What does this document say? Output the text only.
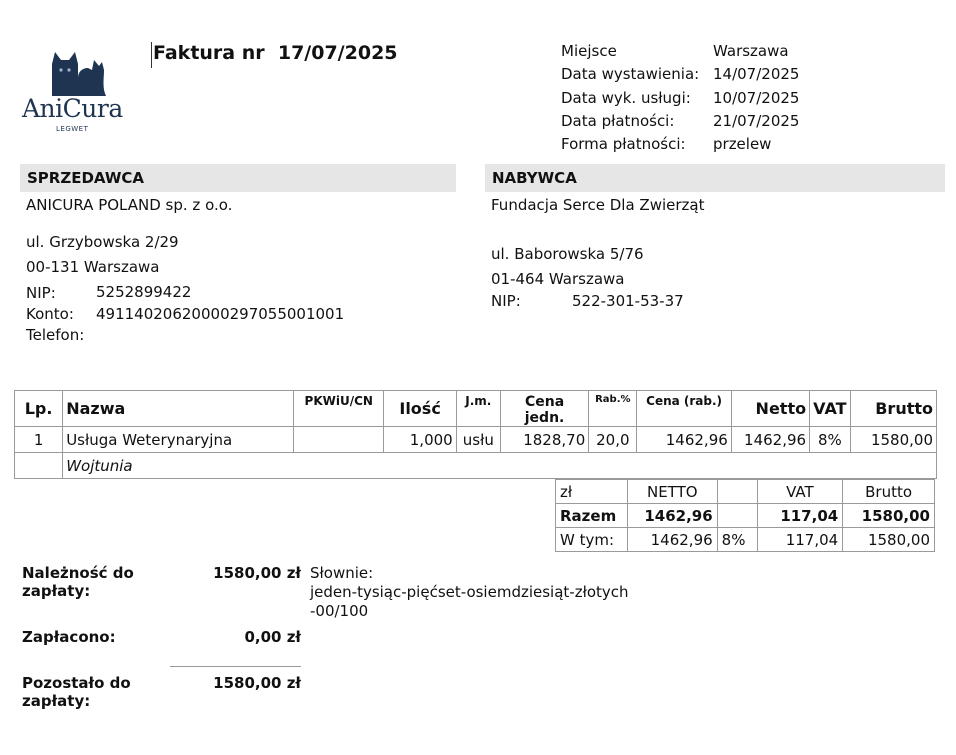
AniCura
LEGWET
Faktura nr  17/07/2025	Miejsce	Warszawa
Data wystawienia: 14/07/2025
Data wyk. usługi: 10/07/2025
Data płatności:	21/07/2025
Forma płatności: przelew
SPRZEDAWCA
ANICURA POLAND sp. z o.o.
ul. Grzybowska 2/29
00-131 Warszawa
NIP:	5252899422
Konto: 49114020620000297055001001
Telefon:
NABYWCA
Fundacja Serce Dla Zwierząt
ul. Baborowska 5/76
01-464 Warszawa
NIP:	522-301-53-37
Lp.	Nazwa	PKWiU/CN	Ilość	J.m.	Cena jedn.	Rab.%	Cena (rab.)	Netto	VAT	Brutto
1	Usługa Weterynaryjna		1,000	usłu	1828,70	20,0	1462,96	1462,96	8%	1580,00
	Wojtunia									
zł	NETTO		VAT	Brutto
Razem	1462,96		117,04	1580,00
W tym:	1462,96	8%	117,04	1580,00
Należność do zapłaty:
1580,00 zł Słownie:
jeden-tysiąc-pięćset-osiemdziesiąt-złotych -00/100
Zapłacono:	0,00 zł
Pozostało do zapłaty:
1580,00 zł
